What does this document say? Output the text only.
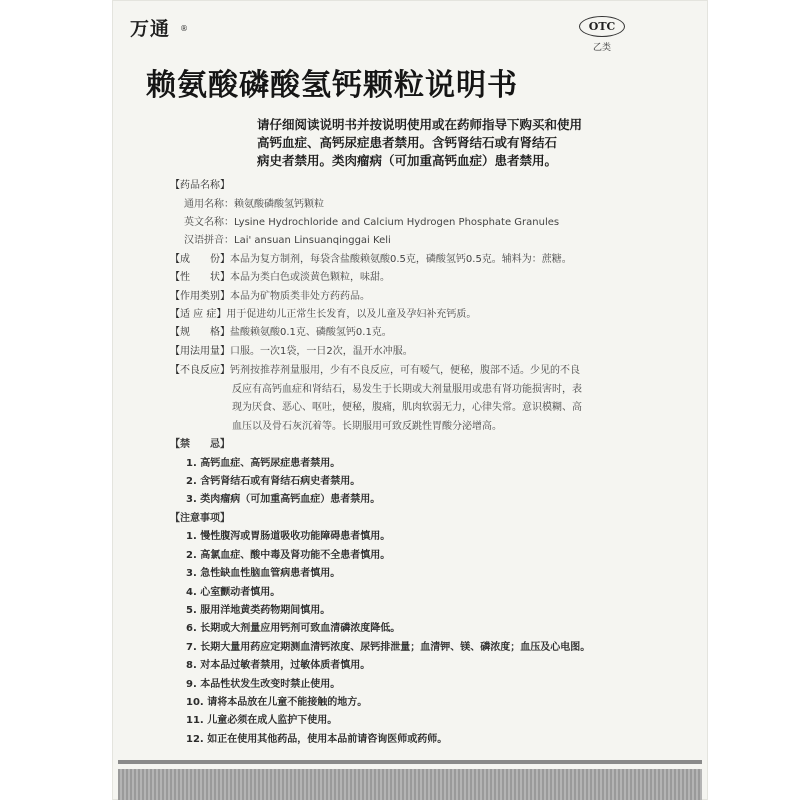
万通 ®	OTC
乙类
赖氨酸磷酸氢钙颗粒说明书
请仔细阅读说明书并按说明使用或在药师指导下购买和使用
高钙血症、高钙尿症患者禁用。含钙肾结石或有肾结石
病史者禁用。类肉瘤病（可加重高钙血症）患者禁用。
【药品名称】
通用名称：赖氨酸磷酸氢钙颗粒
英文名称：Lysine Hydrochloride and Calcium Hydrogen Phosphate Granules
汉语拼音：Lai' ansuan Linsuanqinggai Keli
【成　　份】本品为复方制剂，每袋含盐酸赖氨酸0.5克，磷酸氢钙0.5克。辅料为：蔗糖。
【性　　状】本品为类白色或淡黄色颗粒，味甜。
【作用类别】本品为矿物质类非处方药药品。
【适 应 症】用于促进幼儿正常生长发育，以及儿童及孕妇补充钙质。
【规　　格】盐酸赖氨酸0.1克、磷酸氢钙0.1克。
【用法用量】口服。一次1袋，一日2次，温开水冲服。
【不良反应】钙剂按推荐剂量服用，少有不良反应，可有嗳气，便秘，腹部不适。少见的不良
反应有高钙血症和肾结石，易发生于长期或大剂量服用或患有肾功能损害时，表
现为厌食、恶心、呕吐，便秘，腹痛，肌肉软弱无力，心律失常。意识模糊、高
血压以及骨石灰沉着等。长期服用可致反跳性胃酸分泌增高。
【禁　　忌】
1. 高钙血症、高钙尿症患者禁用。
2. 含钙肾结石或有肾结石病史者禁用。
3. 类肉瘤病（可加重高钙血症）患者禁用。
【注意事项】
1. 慢性腹泻或胃肠道吸收功能障碍患者慎用。
2. 高氯血症、酸中毒及肾功能不全患者慎用。
3. 急性缺血性脑血管病患者慎用。
4. 心室颤动者慎用。
5. 服用洋地黄类药物期间慎用。
6. 长期或大剂量应用钙剂可致血清磷浓度降低。
7. 长期大量用药应定期测血清钙浓度、尿钙排泄量；血清钾、镁、磷浓度；血压及心电图。
8. 对本品过敏者禁用，过敏体质者慎用。
9. 本品性状发生改变时禁止使用。
10. 请将本品放在儿童不能接触的地方。
11. 儿童必须在成人监护下使用。
12. 如正在使用其他药品，使用本品前请咨询医师或药师。
